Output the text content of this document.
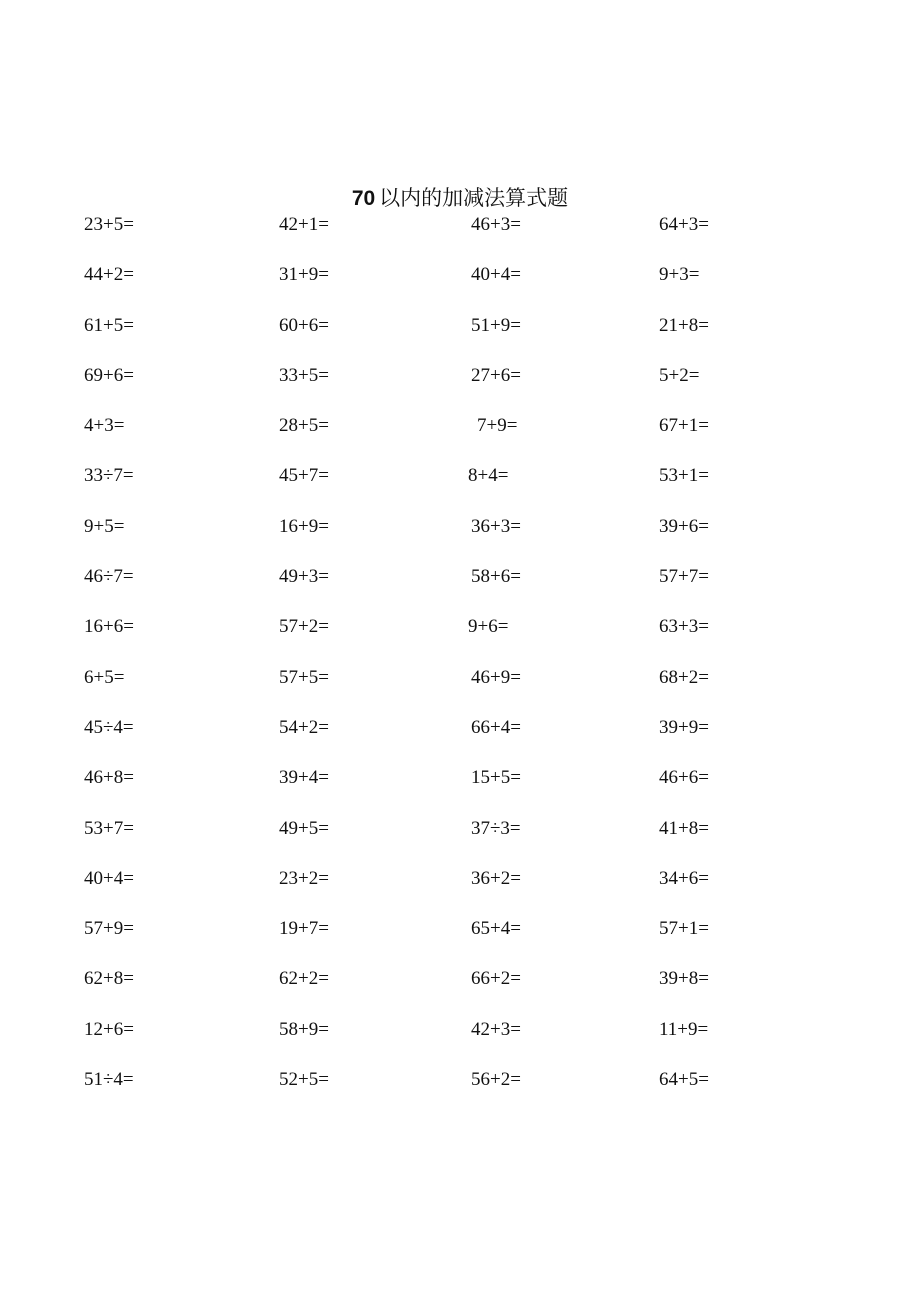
70 以内的加减法算式题
23+5=	42+1=	46+3=	64+3=
44+2=	31+9=	40+4=	9+3=
61+5=	60+6=	51+9=	21+8=
69+6=	33+5=	27+6=	5+2=
4+3=	28+5=	7+9=	67+1=
33÷7=	45+7=	8+4=	53+1=
9+5=	16+9=	36+3=	39+6=
46÷7=	49+3=	58+6=	57+7=
16+6=	57+2=	9+6=	63+3=
6+5=	57+5=	46+9=	68+2=
45÷4=	54+2=	66+4=	39+9=
46+8=	39+4=	15+5=	46+6=
53+7=	49+5=	37÷3=	41+8=
40+4=	23+2=	36+2=	34+6=
57+9=	19+7=	65+4=	57+1=
62+8=	62+2=	66+2=	39+8=
12+6=	58+9=	42+3=	11+9=
51÷4=	52+5=	56+2=	64+5=
